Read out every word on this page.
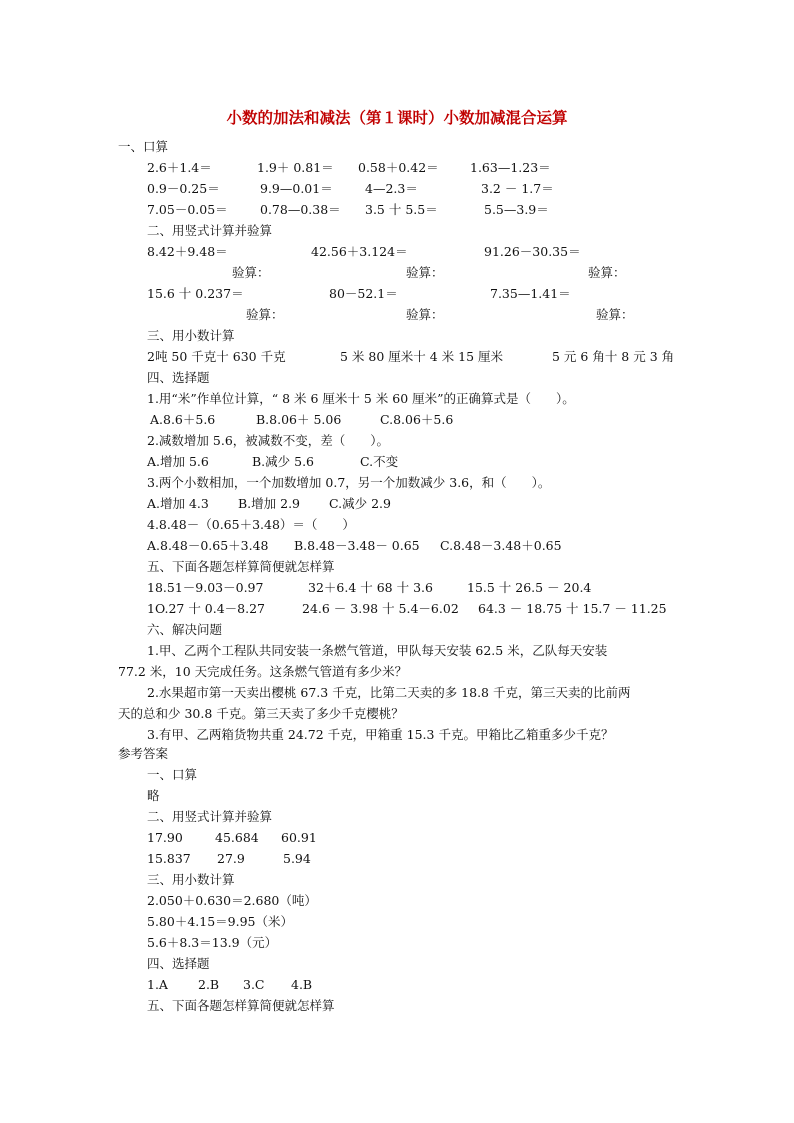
小数的加法和减法（第１课时）小数加减混合运算
一、口算
2.6＋1.4＝	1.9＋ 0.81＝ 0.58＋0.42＝	1.63—1.23＝
0.9－0.25＝	9.9—0.01＝	4—2.3＝	3.2 － 1.7＝
7.05－0.05＝	0.78—0.38＝ 3.5 十 5.5＝	5.5—3.9＝
二、用竖式计算并验算
8.42＋9.48＝	42.56＋3.124＝	91.26－30.35＝
验算：	验算：	验算：
15.6 十 0.237＝	80－52.1＝	7.35—1.41＝
验算：	验算：	验算：
三、用小数计算
2吨 50 千克十 630 千克	5 米 80 厘米十 4 米 15 厘米	5 元 6 角十 8 元 3 角
四、选择题
1.用“米”作单位计算，“ 8 米 6 厘米十 5 米 60 厘米”的正确算式是（　　）。
A.8.6＋5.6	B.8.06＋ 5.06	C.8.06＋5.6
2.减数增加 5.6，被减数不变，差（　　）。
A.增加 5.6	B.减少 5.6	C.不变
3.两个小数相加，一个加数增加 0.7，另一个加数减少 3.6，和（　　）。
A.增加 4.3 B.增加 2.9 C.减少 2.9
4.8.48－（0.65＋3.48）＝（　　）
A.8.48－0.65＋3.48 B.8.48－3.48－ 0.65 C.8.48－3.48＋0.65
五、下面各题怎样算简便就怎样算
18.51－9.03－0.97	32＋6.4 十 68 十 3.6	15.5 十 26.5 － 20.4
1O.27 十 0.4－8.27	24.6 － 3.98 十 5.4－6.02 64.3 － 18.75 十 15.7 － 11.25
六、解决问题
1.甲、乙两个工程队共同安装一条燃气管道，甲队每天安装 62.5 米，乙队每天安装
77.2 米，10 天完成任务。这条燃气管道有多少米？
2.水果超市第一天卖出樱桃 67.3 千克，比第二天卖的多 18.8 千克，第三天卖的比前两
天的总和少 30.8 千克。第三天卖了多少千克樱桃？
3.有甲、乙两箱货物共重 24.72 千克，甲箱重 15.3 千克。甲箱比乙箱重多少千克？
参考答案
一、口算
略
二、用竖式计算并验算
17.90	45.684 60.91
15.837 27.9	5.94
三、用小数计算
2.050＋0.630＝2.680（吨）
5.80＋4.15＝9.95（米）
5.6＋8.3＝13.9（元）
四、选择题
1.A 2.B 3.C 4.B
五、下面各题怎样算简便就怎样算
